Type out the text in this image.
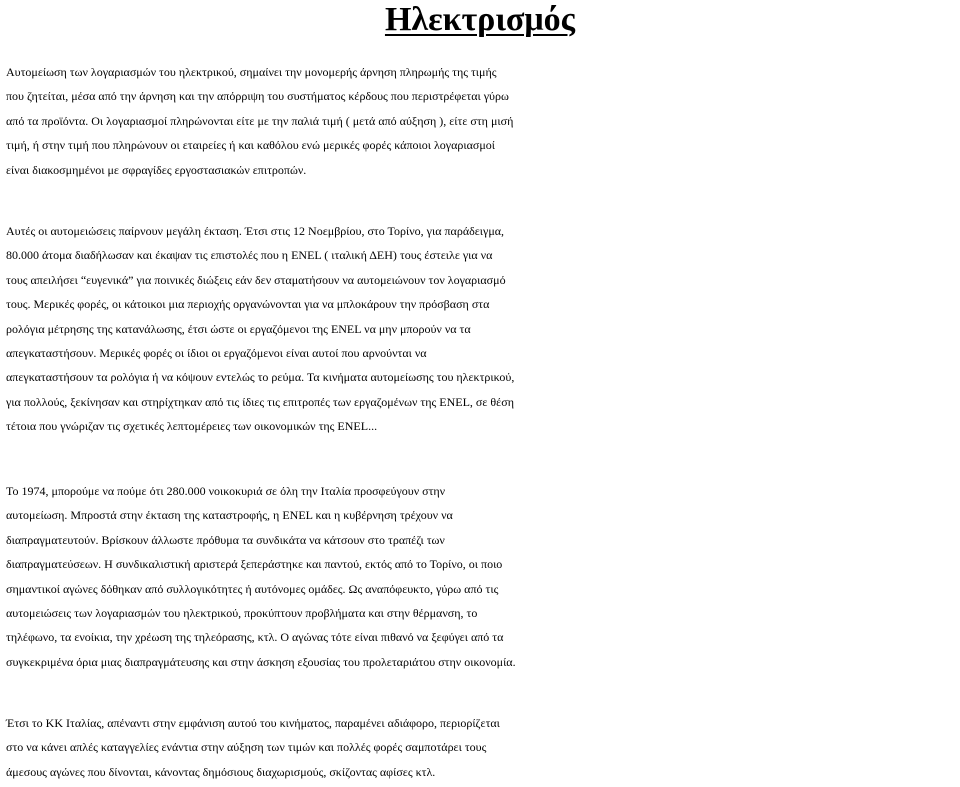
Ηλεκτρισμός

Αυτομείωση των λογαριασμών του ηλεκτρικού, σημαίνει την μονομερής άρνηση πληρωμής της τιμής
που ζητείται, μέσα από την άρνηση και την απόρριψη του συστήματος κέρδους που περιστρέφεται γύρω
από τα προϊόντα. Οι λογαριασμοί πληρώνονται είτε με την παλιά τιμή ( μετά από αύξηση ), είτε στη μισή
τιμή, ή στην τιμή που πληρώνουν οι εταιρείες ή και καθόλου ενώ μερικές φορές κάποιοι λογαριασμοί
είναι διακοσμημένοι με σφραγίδες εργοστασιακών επιτροπών.

Αυτές οι αυτομειώσεις παίρνουν μεγάλη έκταση. Έτσι στις 12 Νοεμβρίου, στο Τορίνο, για παράδειγμα,
80.000 άτομα διαδήλωσαν και έκαψαν τις επιστολές που η ENEL ( ιταλική ΔΕΗ) τους έστειλε για να
τους απειλήσει “ευγενικά” για ποινικές διώξεις εάν δεν σταματήσουν να αυτομειώνουν τον λογαριασμό
τους. Μερικές φορές, οι κάτοικοι μια περιοχής οργανώνονται για να μπλοκάρουν την πρόσβαση στα
ρολόγια μέτρησης της κατανάλωσης, έτσι ώστε οι εργαζόμενοι της ENEL να μην μπορούν να τα
απεγκαταστήσουν. Μερικές φορές οι ίδιοι οι εργαζόμενοι είναι αυτοί που αρνούνται να
απεγκαταστήσουν τα ρολόγια ή να κόψουν εντελώς το ρεύμα. Τα κινήματα αυτομείωσης του ηλεκτρικού,
για πολλούς, ξεκίνησαν και στηρίχτηκαν από τις ίδιες τις επιτροπές των εργαζομένων της ENEL, σε θέση
τέτοια που γνώριζαν τις σχετικές λεπτομέρειες των οικονομικών της ENEL...

Το 1974, μπορούμε να πούμε ότι 280.000 νοικοκυριά σε όλη την Ιταλία προσφεύγουν στην
αυτομείωση. Μπροστά στην έκταση της καταστροφής, η ENEL και η κυβέρνηση τρέχουν να
διαπραγματευτούν. Βρίσκουν άλλωστε πρόθυμα τα συνδικάτα να κάτσουν στο τραπέζι των
διαπραγματεύσεων. Η συνδικαλιστική αριστερά ξεπεράστηκε και παντού, εκτός από το Τορίνο, οι ποιο
σημαντικοί αγώνες δόθηκαν από συλλογικότητες ή αυτόνομες ομάδες. Ως αναπόφευκτο, γύρω από τις
αυτομειώσεις των λογαριασμών του ηλεκτρικού, προκύπτουν προβλήματα και στην θέρμανση, το
τηλέφωνο, τα ενοίκια, την χρέωση της τηλεόρασης, κτλ. Ο αγώνας τότε είναι πιθανό να ξεφύγει από τα
συγκεκριμένα όρια μιας διαπραγμάτευσης και στην άσκηση εξουσίας του προλεταριάτου στην οικονομία.

Έτσι το ΚΚ Ιταλίας, απέναντι στην εμφάνιση αυτού του κινήματος, παραμένει αδιάφορο, περιορίζεται
στο να κάνει απλές καταγγελίες ενάντια στην αύξηση των τιμών και πολλές φορές σαμποτάρει τους
άμεσους αγώνες που δίνονται, κάνοντας δημόσιους διαχωρισμούς, σκίζοντας αφίσες κτλ.
